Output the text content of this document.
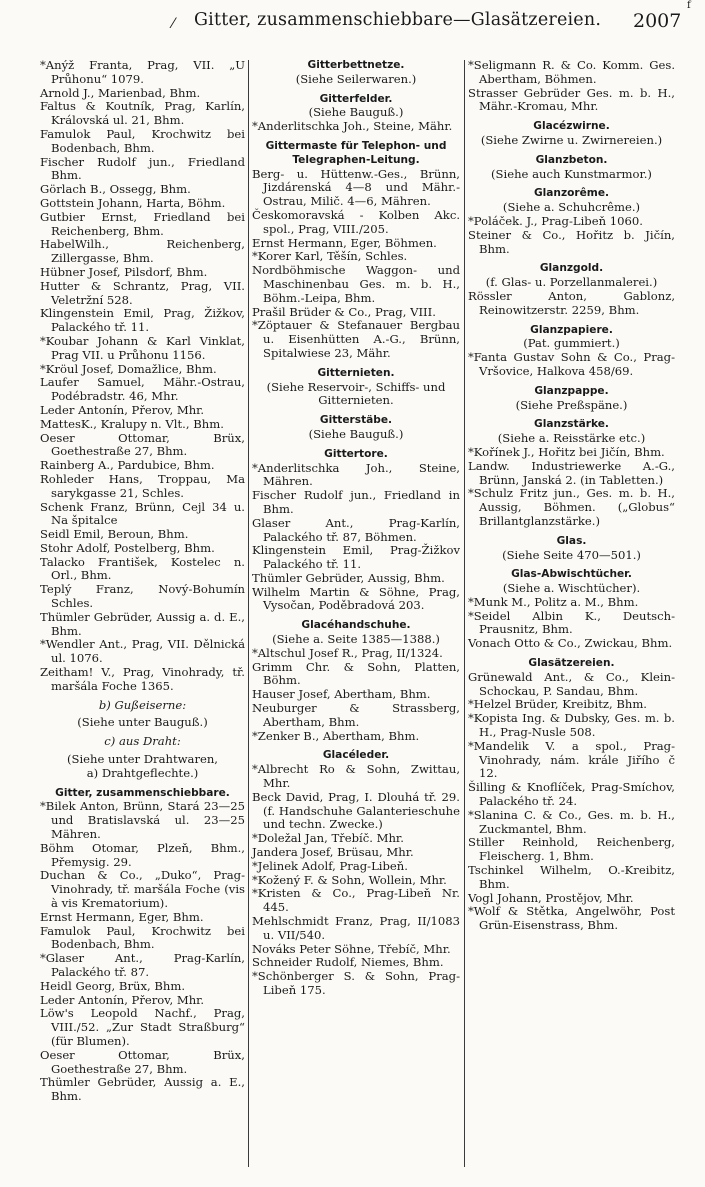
⁄ Gitter, zusammenschiebbare—Glasätzereien. 2007
f
*Anýž Frantа, Prag, VII. „U Průhonu“ 1079.
Arnold J., Marienbad, Bhm.
Faltus & Koutník, Prag, Karlín, Královská ul. 21, Bhm.
Famulok Paul, Krochwitz bei Bodenbach, Bhm.
Fischer Rudolf jun., Friedland Bhm.
Görlach B., Ossegg, Bhm.
Gottstein Johann, Harta, Böhm.
Gutbier Ernst, Friedland bei Reichenberg, Bhm.
HabelWilh., Reichenberg, Zillergasse, Bhm.
Hübner Josef, Pilsdorf, Bhm.
Hutter & Schrantz, Prag, VII. Veletržní 528.
Klingenstein Emil, Prag, Žižkov, Palackého tř. 11.
*Koubar Johann & Karl Vinklat, Prag VII. u Průhonu 1156.
*Kröul Josef, Domažlice, Bhm.
Laufer Samuel, Mähr.-Ostrau, Podébradstr. 46, Mhr.
Leder Antonín, Přerov, Mhr.
MattesK., Kralupy n. Vlt., Bhm.
Oeser Ottomar, Brüx, Goethestraße 27, Bhm.
Rainberg A., Pardubice, Bhm.
Rohleder Hans, Troppau, Ma sarykgasse 21, Schles.
Schenk Franz, Brünn, Cejl 34 u. Na špitalce
Seidl Emil, Beroun, Bhm.
Stohr Adolf, Postelberg, Bhm.
Talacko František, Kostelec n. Orl., Bhm.
Teplý Franz, Nový-Bohumín Schles.
Thümler Gebrüder, Aussig a. d. E., Bhm.
*Wendler Ant., Prag, VII. Dělnická ul. 1076.
Zeitham! V., Prag, Vinohrady, tř. maršála Foche 1365.
b) Gußeiserne:
(Siehe unter Bauguß.)
c) aus Draht:
(Siehe unter Drahtwaren,
a) Drahtgeflechte.)
Gitter, zusammenschiebbare.
*Bilek Anton, Brünn, Stará 23—25 und Bratislavská ul. 23—25 Mähren.
Böhm Otomar, Plzeň, Bhm., Přemysig. 29.
Duchan & Co., „Duko“, Prag-Vinohrady, tř. maršála Foche (vis à vis Krematorium).
Ernst Hermann, Eger, Bhm.
Famulok Paul, Krochwitz bei Bodenbach, Bhm.
*Glaser Ant., Prag-Karlín, Palackého tř. 87.
Heidl Georg, Brüx, Bhm.
Leder Antonín, Přerov, Mhr.
Löw's Leopold Nachf., Prag, VIII./52. „Zur Stadt Straßburg“ (für Blumen).
Oeser Ottomar, Brüx, Goethestraße 27, Bhm.
Thümler Gebrüder, Aussig a. E., Bhm.
Gitterbettnetze.
(Siehe Seilerwaren.)
Gitterfelder.
(Siehe Bauguß.)
*Anderlitschka Joh., Steine, Mähr.
Gittermaste für Telephon- und Telegraphen-Leitung.
Berg- u. Hüttenw.-Ges., Brünn, Jizdárenská 4—8 und Mähr.-Ostrau, Milič. 4—6, Mähren.
Českomoravská - Kolben Akc. spol., Prag, VIII./205.
Ernst Hermann, Eger, Böhmen.
*Korer Karl, Těšín, Schles.
Nordböhmische Waggon- und Maschinenbau Ges. m. b. H., Böhm.-Leipa, Bhm.
Prašil Brüder & Co., Prag, VIII.
*Zöptauer & Stefanauer Bergbau u. Eisenhütten A.-G., Brünn, Spitalwiese 23, Mähr.
Gitternieten.
(Siehe Reservoir-, Schiffs- und Gitternieten.
Gitterstäbe.
(Siehe Bauguß.)
Gittertore.
*Anderlitschka Joh., Steine, Mähren.
Fischer Rudolf jun., Friedland in Bhm.
Glaser Ant., Prag-Karlín, Palackého tř. 87, Böhmen.
Klingenstein Emil, Prag-Žižkov Palackého tř. 11.
Thümler Gebrüder, Aussig, Bhm.
Wilhelm Martin & Söhne, Prag, Vysočan, Poděbradová 203.
Glacéhandschuhe.
(Siehe a. Seite 1385—1388.)
*Altschul Josef R., Prag, II/1324.
Grimm Chr. & Sohn, Platten, Böhm.
Hauser Josef, Abertham, Bhm.
Neuburger & Strassberg, Abertham, Bhm.
*Zenker B., Abertham, Bhm.
Glacéleder.
*Albrecht Ro & Sohn, Zwittau, Mhr.
Beck David, Prag, I. Dlouhá tř. 29. (f. Handschuhe Galanterieschuhe und techn. Zwecke.)
*Doležal Jan, Třebíč. Mhr.
Jandera Josef, Brüsau, Mhr.
*Jelinek Adolf, Prag-Libeň.
*Kožený F. & Sohn, Wollein, Mhr.
*Kristen & Co., Prag-Libeň Nr. 445.
Mehlschmidt Franz, Prag, II/1083 u. VII/540.
Nováks Peter Söhne, Třebíč, Mhr.
Schneider Rudolf, Niemes, Bhm.
*Schönberger S. & Sohn, Prag-Libeň 175.
*Seligmann R. & Co. Komm. Ges. Abertham, Böhmen.
Strasser Gebrüder Ges. m. b. H., Mähr.-Kromau, Mhr.
Glacézwirne.
(Siehe Zwirne u. Zwirnereien.)
Glanzbeton.
(Siehe auch Kunstmarmor.)
Glanzorême.
(Siehe a. Schuhcrême.)
*Poláček. J., Prag-Libeň 1060.
Steiner & Co., Hořitz b. Jičín, Bhm.
Glanzgold.
(f. Glas- u. Porzellanmalerei.)
Rössler Anton, Gablonz, Reinowitzerstr. 2259, Bhm.
Glanzpapiere.
(Pat. gummiert.)
*Fanta Gustav Sohn & Co., Prag-Vršovice, Halkova 458/69.
Glanzpappe.
(Siehe Preßspäne.)
Glanzstärke.
(Siehe a. Reisstärke etc.)
*Kořínek J., Hořitz bei Jičín, Bhm.
Landw. Industriewerke A.-G., Brünn, Janská 2. (in Tabletten.)
*Schulz Fritz jun., Ges. m. b. H., Aussig, Böhmen. („Globus“ Brillantglanzstärke.)
Glas.
(Siehe Seite 470—501.)
Glas-Abwischtücher.
(Siehe a. Wischtücher).
*Munk M., Politz a. M., Bhm.
*Seidel Albin K., Deutsch-Prausnitz, Bhm.
Vonach Otto & Co., Zwickau, Bhm.
Glasätzereien.
Grünewald Ant., & Co., Klein-Schockau, P. Sandau, Bhm.
*Helzel Brüder, Kreibitz, Bhm.
*Kopista Ing. & Dubsky, Ges. m. b. H., Prag-Nusle 508.
*Mandelik V. a spol., Prag-Vinohrady, nám. krále Jiřího č 12.
Šilling & Knoflíček, Prag-Smíchov, Palackého tř. 24.
*Slanina C. & Co., Ges. m. b. H., Zuckmantel, Bhm.
Stiller Reinhold, Reichenberg, Fleischerg. 1, Bhm.
Tschinkel Wilhelm, O.-Kreibitz, Bhm.
Vogl Johann, Prostějov, Mhr.
*Wolf & Stětka, Angelwöhr, Post Grün-Eisenstrass, Bhm.
